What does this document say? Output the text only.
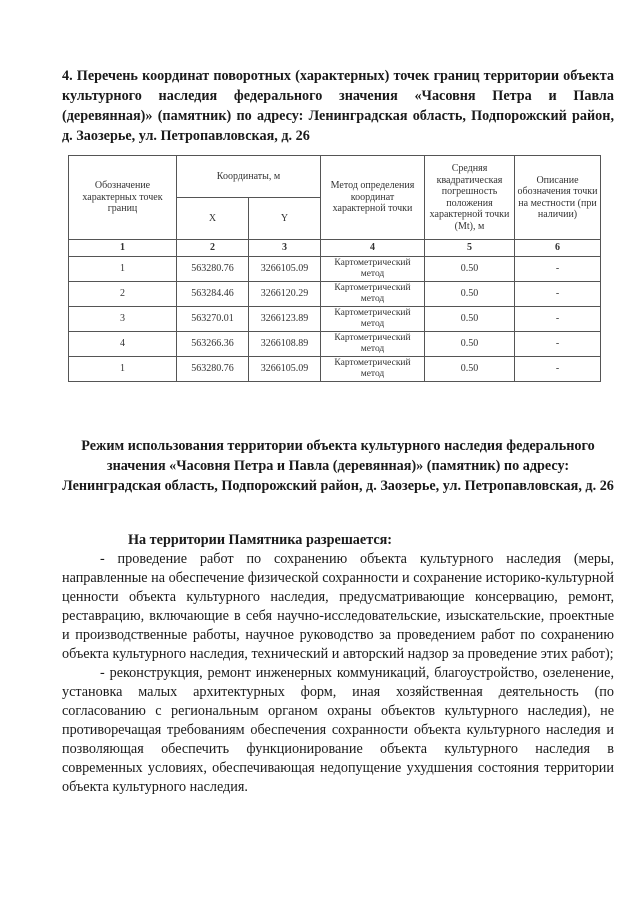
4. Перечень координат поворотных (характерных) точек границ территории объекта культурного наследия федерального значения «Часовня Петра и Павла (деревянная)» (памятник) по адресу: Ленинградская область, Подпорожский район, д. Заозерье, ул. Петропавловская, д. 26
Обозначение характерных точек границ	Координаты, м		Метод определения координат характерной точки	Средняя квадратическая погрешность положения характерной точки (Mt), м	Описание обозначения точки на местности (при наличии)
	X	Y			
1	2	3	4	5	6
1	563280.76	3266105.09	Картометрический метод	0.50	-
2	563284.46	3266120.29	Картометрический метод	0.50	-
3	563270.01	3266123.89	Картометрический метод	0.50	-
4	563266.36	3266108.89	Картометрический метод	0.50	-
1	563280.76	3266105.09	Картометрический метод	0.50	-
Режим использования территории объекта культурного наследия федерального значения «Часовня Петра и Павла (деревянная)» (памятник) по адресу: Ленинградская область, Подпорожский район, д. Заозерье, ул. Петропавловская, д. 26
На территории Памятника разрешается:

- проведение работ по сохранению объекта культурного наследия (меры, направленные на обеспечение физической сохранности и сохранение историко-культурной ценности объекта культурного наследия, предусматривающие консервацию, ремонт, реставрацию, включающие в себя научно-исследовательские, изыскательские, проектные и производственные работы, научное руководство за проведением работ по сохранению объекта культурного наследия, технический и авторский надзор за проведение этих работ);

- реконструкция, ремонт инженерных коммуникаций, благоустройство, озеленение, установка малых архитектурных форм, иная хозяйственная деятельность (по согласованию с региональным органом охраны объектов культурного наследия), не противоречащая требованиям обеспечения сохранности объекта культурного наследия и позволяющая обеспечить функционирование объекта культурного наследия в современных условиях, обеспечивающая недопущение ухудшения состояния территории объекта культурного наследия.
